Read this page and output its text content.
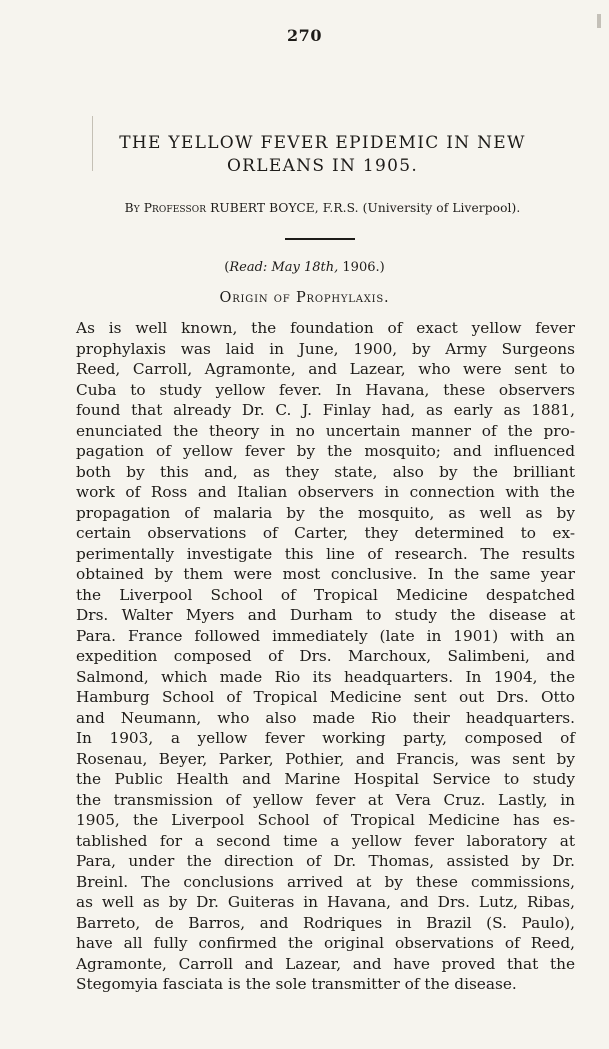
270
THE YELLOW FEVER EPIDEMIC IN NEW
ORLEANS IN 1905.
By Professor RUBERT BOYCE, F.R.S. (University of Liverpool).
(Read: May 18th, 1906.)
Origin of Prophylaxis.
As is well known, the foundation of exact yellow fever
prophylaxis was laid in June, 1900, by Army Surgeons
Reed, Carroll, Agramonte, and Lazear, who were sent to
Cuba to study yellow fever. In Havana, these observers
found that already Dr. C. J. Finlay had, as early as 1881,
enunciated the theory in no uncertain manner of the pro-
pagation of yellow fever by the mosquito; and influenced
both by this and, as they state, also by the brilliant
work of Ross and Italian observers in connection with the
propagation of malaria by the mosquito, as well as by
certain observations of Carter, they determined to ex-
perimentally investigate this line of research. The results
obtained by them were most conclusive. In the same year
the Liverpool School of Tropical Medicine despatched
Drs. Walter Myers and Durham to study the disease at
Para. France followed immediately (late in 1901) with an
expedition composed of Drs. Marchoux, Salimbeni, and
Salmond, which made Rio its headquarters. In 1904, the
Hamburg School of Tropical Medicine sent out Drs. Otto
and Neumann, who also made Rio their headquarters.
In 1903, a yellow fever working party, composed of
Rosenau, Beyer, Parker, Pothier, and Francis, was sent by
the Public Health and Marine Hospital Service to study
the transmission of yellow fever at Vera Cruz. Lastly, in
1905, the Liverpool School of Tropical Medicine has es-
tablished for a second time a yellow fever laboratory at
Para, under the direction of Dr. Thomas, assisted by Dr.
Breinl. The conclusions arrived at by these commissions,
as well as by Dr. Guiteras in Havana, and Drs. Lutz, Ribas,
Barreto, de Barros, and Rodriques in Brazil (S. Paulo),
have all fully confirmed the original observations of Reed,
Agramonte, Carroll and Lazear, and have proved that the
Stegomyia fasciata is the sole transmitter of the disease.
